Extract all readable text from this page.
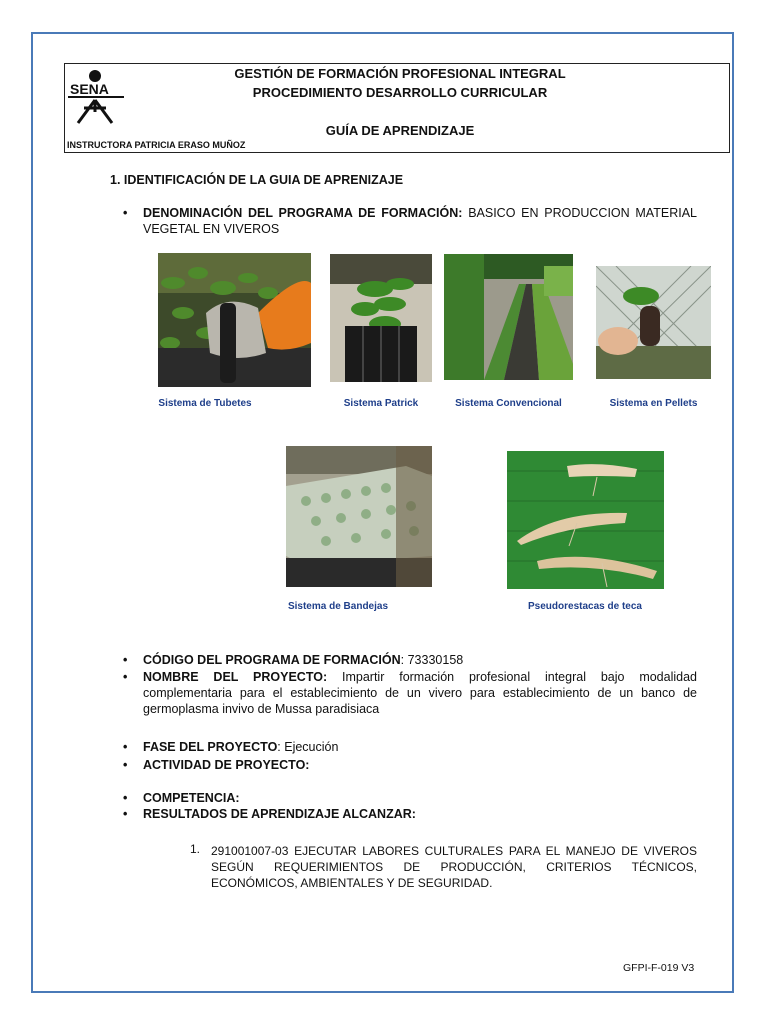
SENA
GESTIÓN DE FORMACIÓN PROFESIONAL INTEGRAL
PROCEDIMIENTO DESARROLLO CURRICULAR
GUÍA DE APRENDIZAJE
INSTRUCTORA PATRICIA ERASO MUÑOZ
1. IDENTIFICACIÓN DE LA GUIA DE APRENIZAJE
• DENOMINACIÓN DEL PROGRAMA DE FORMACIÓN: BASICO EN PRODUCCION MATERIAL VEGETAL EN VIVEROS
Sistema de Tubetes	Sistema Patrick	Sistema Convencional	Sistema en Pellets
Sistema de Bandejas	Pseudorestacas de teca
• CÓDIGO DEL PROGRAMA DE FORMACIÓN: 73330158
• NOMBRE DEL PROYECTO: Impartir formación profesional integral bajo modalidad complementaria para el establecimiento de un vivero para establecimiento de un banco de germoplasma invivo de Mussa paradisiaca
• FASE DEL PROYECTO: Ejecución
• ACTIVIDAD DE PROYECTO:
• COMPETENCIA:
• RESULTADOS DE APRENDIZAJE ALCANZAR:
1. 291001007-03 EJECUTAR LABORES CULTURALES PARA EL MANEJO DE VIVEROS SEGÚN REQUERIMIENTOS DE PRODUCCIÓN, CRITERIOS TÉCNICOS, ECONÓMICOS, AMBIENTALES Y DE SEGURIDAD.
GFPI-F-019 V3
